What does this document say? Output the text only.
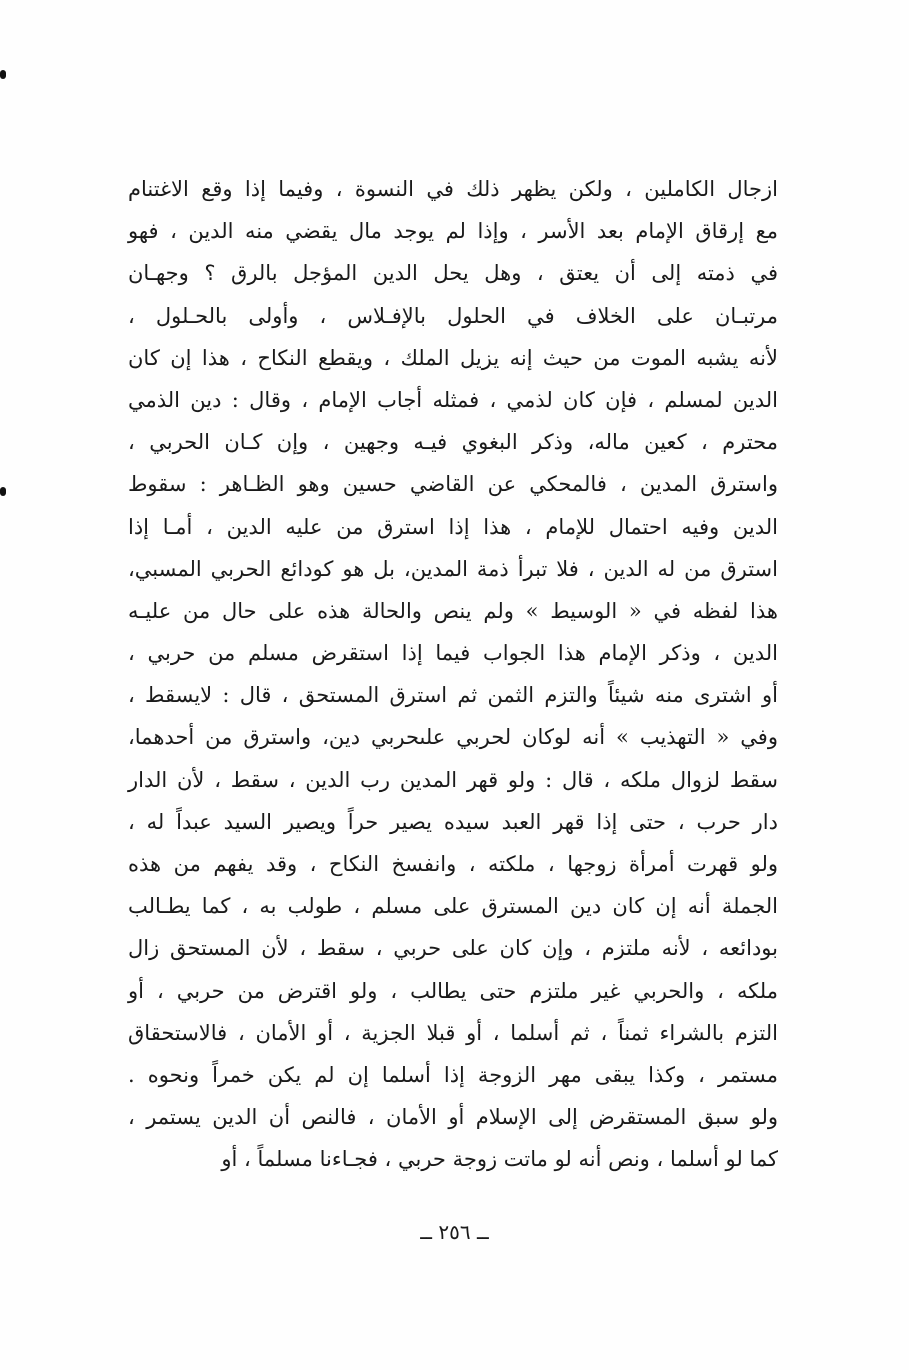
ازجال الكاملين ، ولكن يظهر ذلك في النسوة ، وفيما إذا وقع الاغتنام
مع إرقاق الإمام بعد الأسر ، وإذا لم يوجد مال يقضي منه الدين ، فهو
في ذمته إلى أن يعتق ، وهل يحل الدين المؤجل بالرق ؟ وجهـان
مرتبـان على الخلاف في الحلول بالإفـلاس ، وأولى بالحـلول ،
لأنه يشبه الموت من حيث إنه يزيل الملك ، ويقطع النكاح ، هذا إن كان
الدين لمسلم ، فإن كان لذمي ، فمثله أجاب الإمام ، وقال : دين الذمي
محترم ، كعين ماله، وذكر البغوي فيـه وجهين ، وإن كـان الحربي ،
واسترق المدين ، فالمحكي عن القاضي حسين وهو الظـاهر : سقوط
الدين وفيه احتمال للإمام ، هذا إذا استرق من عليه الدين ، أمـا إذا
استرق من له الدين ، فلا تبرأ ذمة المدين، بل هو كودائع الحربي المسبي،
هذا لفظه في « الوسيط » ولم ينص والحالة هذه على حال من عليـه
الدين ، وذكر الإمام هذا الجواب فيما إذا استقرض مسلم من حربي ،
أو اشترى منه شيئاً والتزم الثمن ثم استرق المستحق ، قال : لايسقط ،
وفي « التهذيب » أنه لوكان لحربي علىحربي دين، واسترق من أحدهما،
سقط لزوال ملكه ، قال : ولو قهر المدين رب الدين ، سقط ، لأن الدار
دار حرب ، حتى إذا قهر العبد سيده يصير حراً ويصير السيد عبداً له ،
ولو قهرت أمرأة زوجها ، ملكته ، وانفسخ النكاح ، وقد يفهم من هذه
الجملة أنه إن كان دين المسترق على مسلم ، طولب به ، كما يطـالب
بودائعه ، لأنه ملتزم ، وإن كان على حربي ، سقط ، لأن المستحق زال
ملكه ، والحربي غير ملتزم حتى يطالب ، ولو اقترض من حربي ، أو
التزم بالشراء ثمناً ، ثم أسلما ، أو قبلا الجزية ، أو الأمان ، فالاستحقاق
مستمر ، وكذا يبقى مهر الزوجة إذا أسلما إن لم يكن خمراً ونحوه .
ولو سبق المستقرض إلى الإسلام أو الأمان ، فالنص أن الدين يستمر ،
كما لو أسلما ، ونص أنه لو ماتت زوجة حربي ، فجـاءنا مسلماً ، أو
ــ ٢٥٦ ــ
